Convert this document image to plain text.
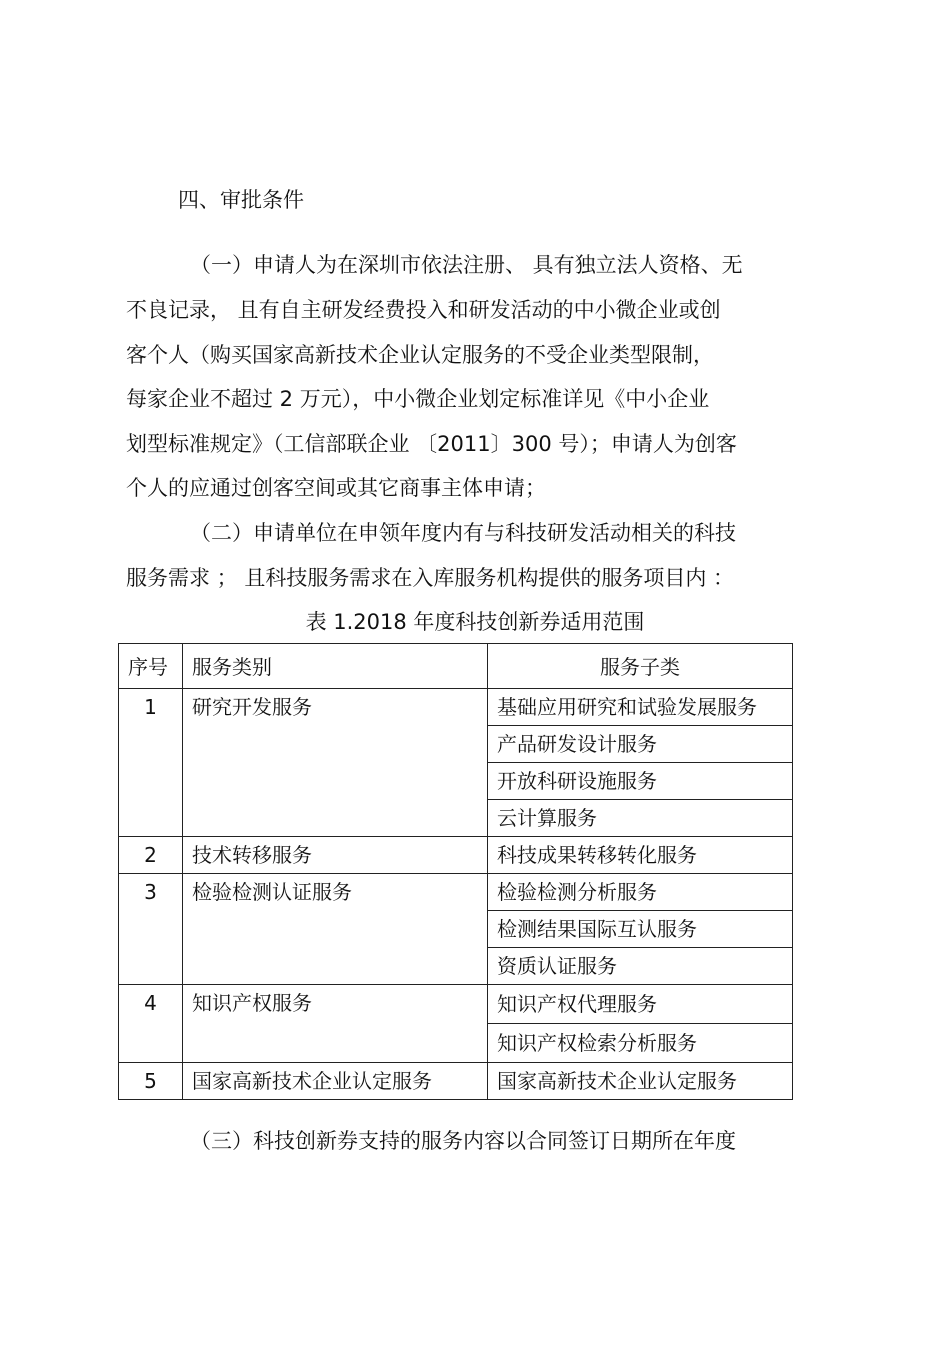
四、审批条件
（一）申请人为在深圳市依法注册、 具有独立法人资格、无
不良记录， 且有自主研发经费投入和研发活动的中小微企业或创
客个人（购买国家高新技术企业认定服务的不受企业类型限制，
每家企业不超过 2 万元），中小微企业划定标准详见《中小企业
划型标准规定》（工信部联企业 〔2011〕300 号）；申请人为创客
个人的应通过创客空间或其它商事主体申请；
（二）申请单位在申领年度内有与科技研发活动相关的科技
服务需求 ； 且科技服务需求在入库服务机构提供的服务项目内 ：
表 1.2018 年度科技创新券适用范围
序号	服务类别	服务子类
1	研究开发服务	基础应用研究和试验发展服务
		产品研发设计服务
		开放科研设施服务
		云计算服务
2	技术转移服务	科技成果转移转化服务
3	检验检测认证服务	检验检测分析服务
		检测结果国际互认服务
		资质认证服务
4	知识产权服务	知识产权代理服务
		知识产权检索分析服务
5	国家高新技术企业认定服务	国家高新技术企业认定服务
（三）科技创新券支持的服务内容以合同签订日期所在年度
